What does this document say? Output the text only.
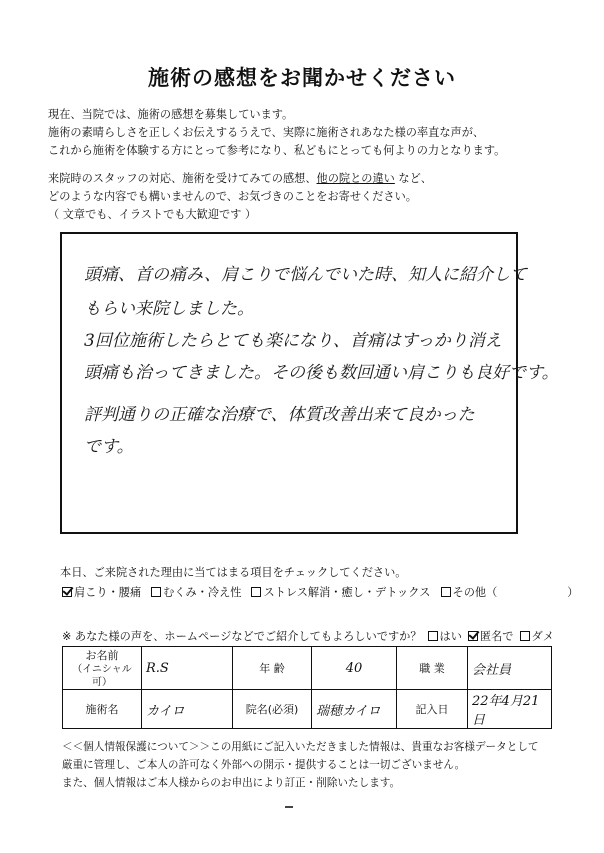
施術の感想をお聞かせください

現在、当院では、施術の感想を募集しています。

施術の素晴らしさを正しくお伝えするうえで、実際に施術されあなた様の率直な声が、

これから施術を体験する方にとって参考になり、私どもにとっても何よりの力となります。

来院時のスタッフの対応、施術を受けてみての感想、他の院との違い など、

どのような内容でも構いませんので、お気づきのことをお寄せください。

（ 文章でも、イラストでも大歓迎です ）

頭痛、首の痛み、肩こりで悩んでいた時、知人に紹介して
もらい来院しました。
3回位施術したらとても楽になり、首痛はすっかり消え
頭痛も治ってきました。その後も数回通い肩こりも良好です。
評判通りの正確な治療で、体質改善出来て良かった
です。
本日、ご来院された理由に当てはまる項目をチェックしてください。
肩こり・腰痛 むくみ・冷え性 ストレス解消・癒し・デトックス その他（	）
※ あなた様の声を、ホームページなどでご紹介してもよろしいですか？ はい 匿名で ダメ
お名前
（イニシャル可）	R.S	年 齢	40	職 業	会社員
施術名	カイロ	院名(必須)	瑞穂カイロ	記入日	22年4月21日

＜＜個人情報保護について＞＞この用紙にご記入いただきました情報は、貴重なお客様データとして

厳重に管理し、ご本人の許可なく外部への開示・提供することは一切ございません。

また、個人情報はご本人様からのお申出により訂正・削除いたします。
